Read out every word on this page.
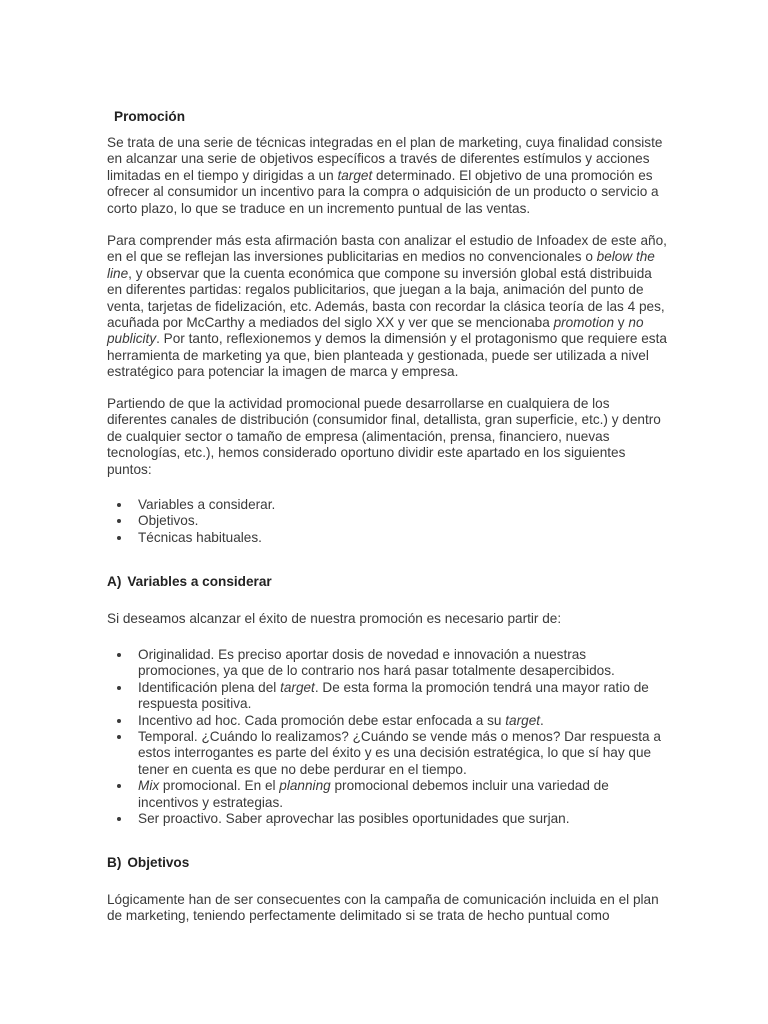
Promoción

Se trata de una serie de técnicas integradas en el plan de marketing, cuya finalidad consiste en alcanzar una serie de objetivos específicos a través de diferentes estímulos y acciones limitadas en el tiempo y dirigidas a un target determinado. El objetivo de una promoción es ofrecer al consumidor un incentivo para la compra o adquisición de un producto o servicio a corto plazo, lo que se traduce en un incremento puntual de las ventas.

Para comprender más esta afirmación basta con analizar el estudio de Infoadex de este año, en el que se reflejan las inversiones publicitarias en medios no convencionales o below the line, y observar que la cuenta económica que compone su inversión global está distribuida en diferentes partidas: regalos publicitarios, que juegan a la baja, animación del punto de venta, tarjetas de fidelización, etc. Además, basta con recordar la clásica teoría de las 4 pes, acuñada por McCarthy a mediados del siglo XX y ver que se mencionaba promotion y no publicity. Por tanto, reflexionemos y demos la dimensión y el protagonismo que requiere esta herramienta de marketing ya que, bien planteada y gestionada, puede ser utilizada a nivel estratégico para potenciar la imagen de marca y empresa.

Partiendo de que la actividad promocional puede desarrollarse en cualquiera de los diferentes canales de distribución (consumidor final, detallista, gran superficie, etc.) y dentro de cualquier sector o tamaño de empresa (alimentación, prensa, financiero, nuevas tecnologías, etc.), hemos considerado oportuno dividir este apartado en los siguientes puntos:

Variables a considerar.
Objetivos.
Técnicas habituales.
A) Variables a considerar

Si deseamos alcanzar el éxito de nuestra promoción es necesario partir de:

Originalidad. Es preciso aportar dosis de novedad e innovación a nuestras promociones, ya que de lo contrario nos hará pasar totalmente desapercibidos.
Identificación plena del target. De esta forma la promoción tendrá una mayor ratio de respuesta positiva.
Incentivo ad hoc. Cada promoción debe estar enfocada a su target.
Temporal. ¿Cuándo lo realizamos? ¿Cuándo se vende más o menos? Dar respuesta a estos interrogantes es parte del éxito y es una decisión estratégica, lo que sí hay que tener en cuenta es que no debe perdurar en el tiempo.
Mix promocional. En el planning promocional debemos incluir una variedad de incentivos y estrategias.
Ser proactivo. Saber aprovechar las posibles oportunidades que surjan.
B) Objetivos

Lógicamente han de ser consecuentes con la campaña de comunicación incluida en el plan de marketing, teniendo perfectamente delimitado si se trata de hecho puntual como
